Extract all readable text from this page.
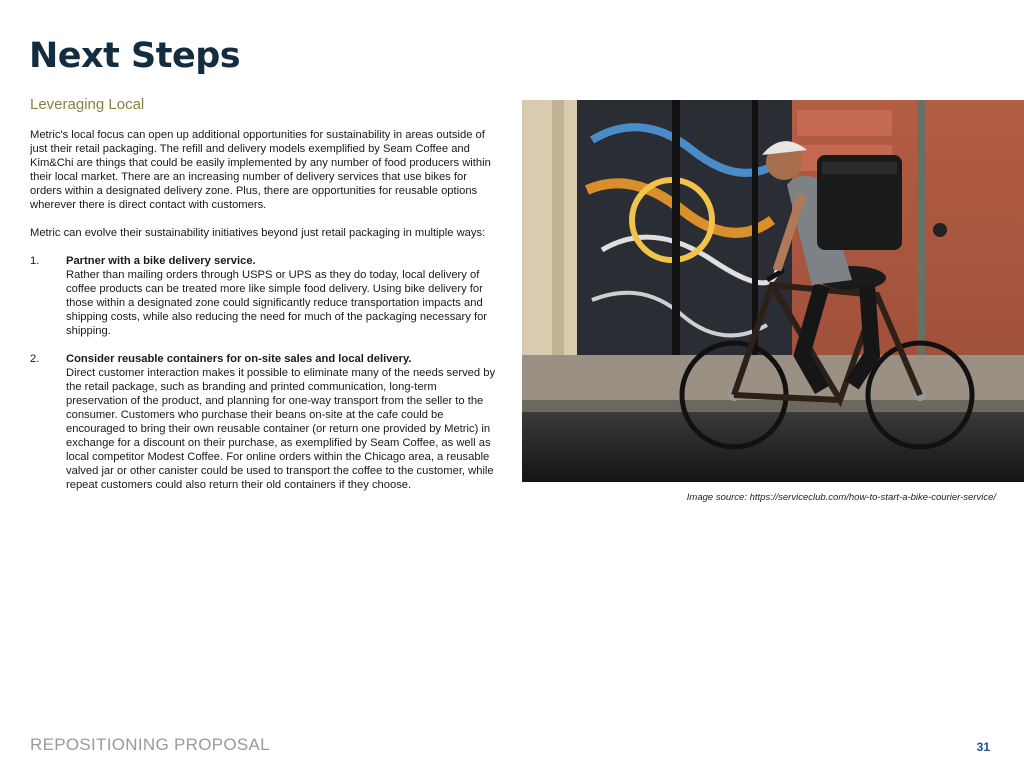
Next Steps
Leveraging Local

Metric's local focus can open up additional opportunities for sustainability in areas outside of just their retail packaging. The refill and delivery models exemplified by Seam Coffee and Kim&Chi are things that could be easily implemented by any number of food producers within their local market. There are an increasing number of delivery services that use bikes for orders within a designated delivery zone. Plus, there are opportunities for reusable options wherever there is direct contact with customers.

Metric can evolve their sustainability initiatives beyond just retail packaging in multiple ways:

1. Partner with a bike delivery service.
Rather than mailing orders through USPS or UPS as they do today, local delivery of coffee products can be treated more like simple food delivery. Using bike delivery for those within a designated zone could significantly reduce transportation impacts and shipping costs, while also reducing the need for much of the packaging necessary for shipping.
2. Consider reusable containers for on-site sales and local delivery.
Direct customer interaction makes it possible to eliminate many of the needs served by the retail package, such as branding and printed communication, long-term preservation of the product, and planning for one-way transport from the seller to the consumer. Customers who purchase their beans on-site at the cafe could be encouraged to bring their own reusable container (or return one provided by Metric) in exchange for a discount on their purchase, as exemplified by Seam Coffee, as well as local competitor Modest Coffee. For online orders within the Chicago area, a reusable valved jar or other canister could be used to transport the coffee to the customer, while repeat customers could also return their old containers if they choose.
Image source: https://serviceclub.com/how-to-start-a-bike-courier-service/
REPOSITIONING PROPOSAL	31
